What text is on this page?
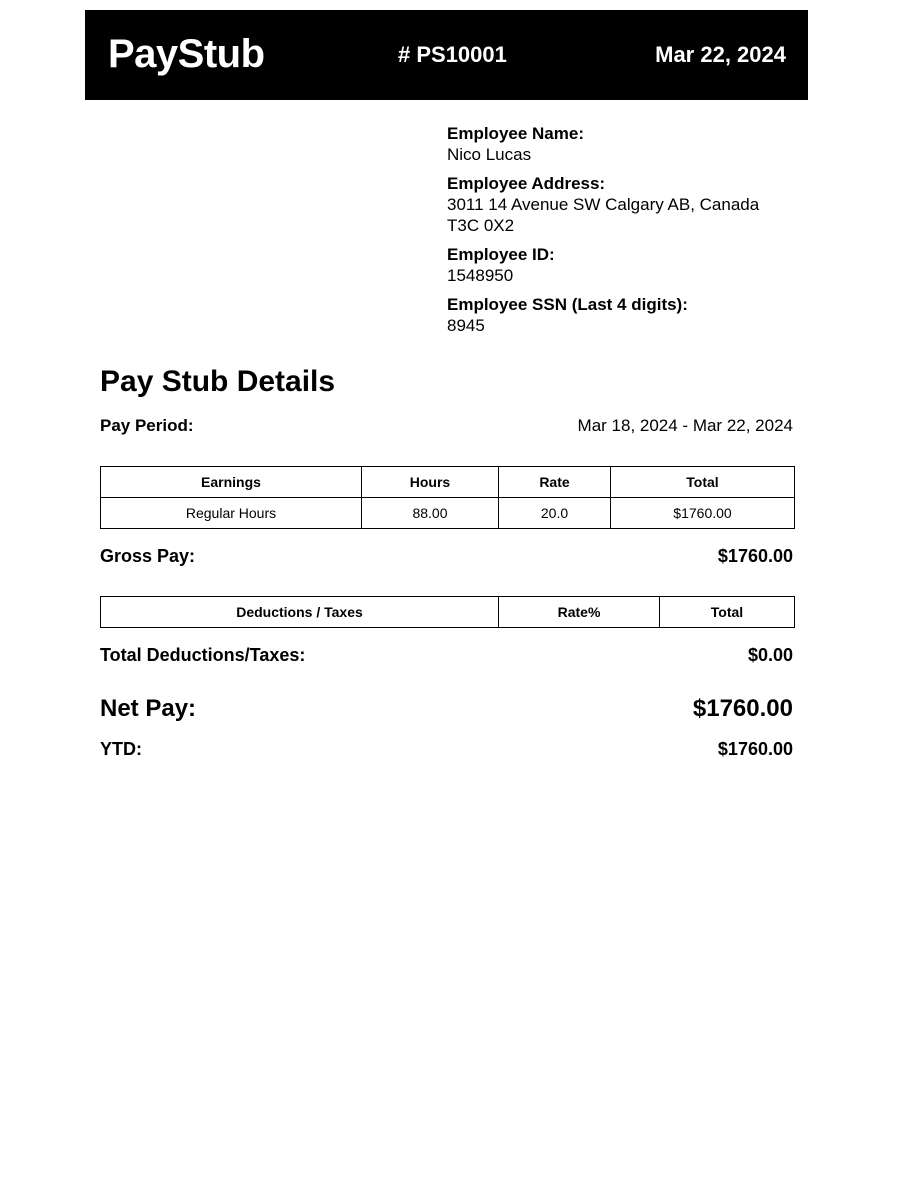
PayStub	# PS10001	Mar 22, 2024
Employee Name:
Nico Lucas
Employee Address:
3011 14 Avenue SW Calgary AB, Canada
T3C 0X2
Employee ID:
1548950
Employee SSN (Last 4 digits):
8945
Pay Stub Details
Pay Period:	Mar 18, 2024 - Mar 22, 2024
Earnings	Hours	Rate	Total
Regular Hours	88.00	20.0	$1760.00
Gross Pay:	$1760.00
Deductions / Taxes	Rate%	Total
Total Deductions/Taxes:	$0.00
Net Pay:	$1760.00
YTD:	$1760.00
